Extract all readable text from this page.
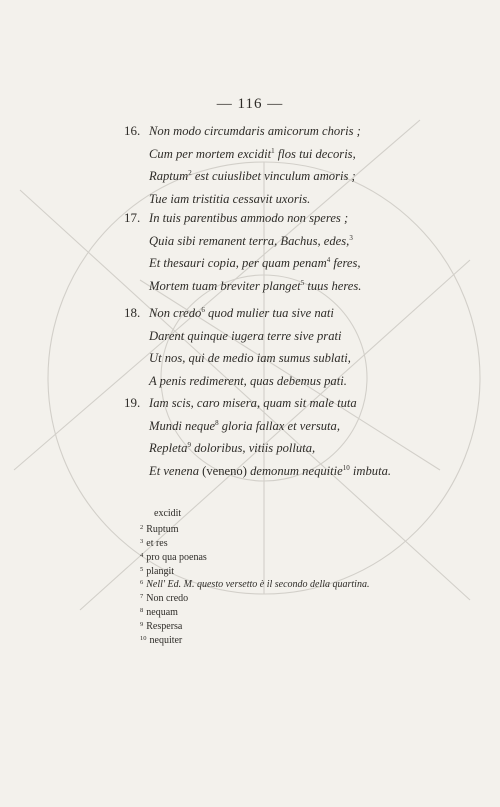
— 116 —
16. Non modo circumdaris amicorum choris ;
Cum per mortem excidit$^1$ flos tui decoris,
Raptum$^2$ est cuiuslibet vinculum amoris ;
Tue iam tristitia cessavit uxoris.
17. In tuis parentibus ammodo non speres ;
Quia sibi remanent terra, Bachus, edes,$^3$
Et thesauri copia, per quam penam$^4$ feres,
Mortem tuam breviter planget$^5$ tuus heres.
18. Non credo$^6$ quod mulier tua sive nati
Darent quinque iugera terre sive prati
Ut nos, qui de medio iam sumus sublati,
A penis redimerent, quas debemus pati.
19. Iam scis, caro misera, quam sit male tuta
Mundi neque$^8$ gloria fallax et versuta,
Repleta$^9$ doloribus, vitiis polluta,
Et venena (veneno) demonum nequitie$^{10}$ imbuta.
excidit
$^2$ Ruptum
$^3$ et res
$^4$ pro qua poenas
$^5$ plangit
$^6$ Nell' Ed. M. questo versetto è il secondo della quartina.
$^7$ Non credo
$^8$ nequam
$^9$ Respersa
$^{10}$ nequiter
